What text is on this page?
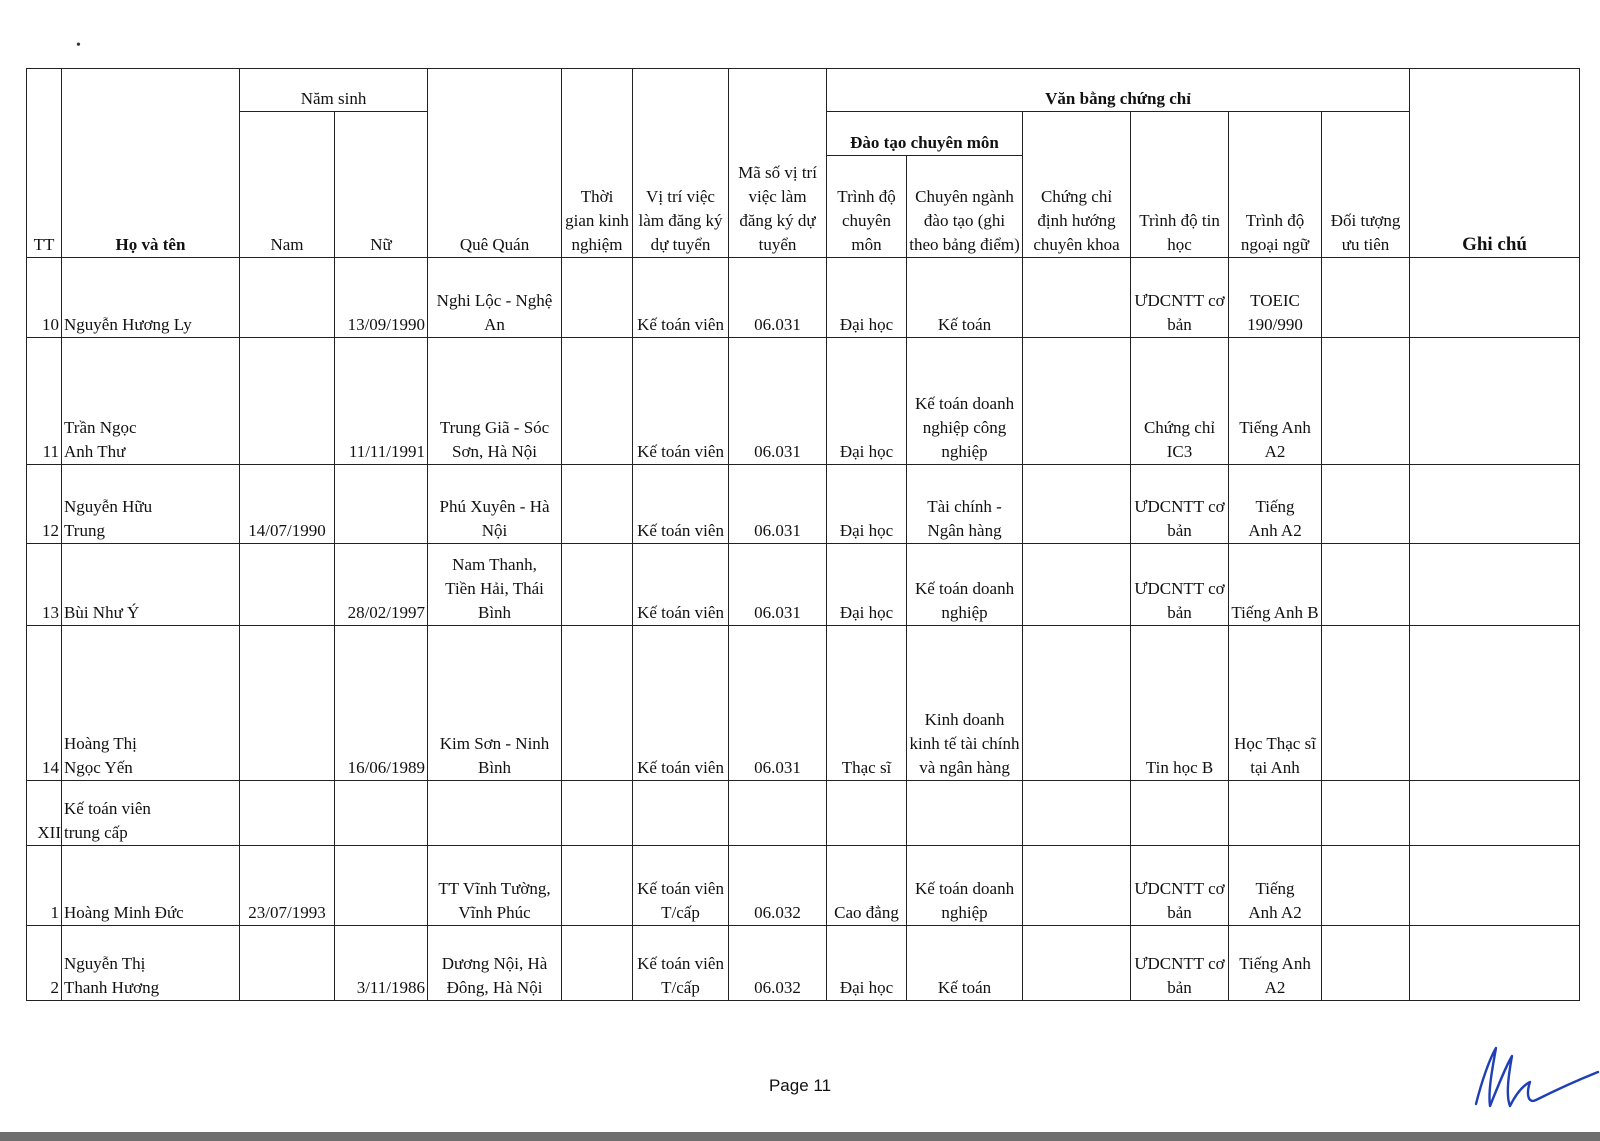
•
TT	Họ và tên	Năm sinh		Quê Quán	Thời gian kinh nghiệm	Vị trí việc làm đăng ký dự tuyển	Mã số vị trí việc làm đăng ký dự tuyển	Văn bằng chứng chỉ						Ghi chú
		Nam	Nữ					Đào tạo chuyên môn		Chứng chỉ định hướng chuyên khoa	Trình độ tin học	Trình độ ngoại ngữ	Đối tượng ưu tiên	
								Trình độ chuyên môn	Chuyên ngành đào tạo (ghi theo bảng điểm)					
10	Nguyễn Hương Ly		13/09/1990	Nghi Lộc - Nghệ An		Kế toán viên	06.031	Đại học	Kế toán		ƯDCNTT cơ bản	TOEIC 190/990		
11	Trần Ngọc Anh Thư		11/11/1991	Trung Giã - Sóc Sơn, Hà Nội		Kế toán viên	06.031	Đại học	Kế toán doanh nghiệp công nghiệp		Chứng chỉ IC3	Tiếng Anh A2		
12	Nguyễn Hữu Trung	14/07/1990		Phú Xuyên - Hà Nội		Kế toán viên	06.031	Đại học	Tài chính - Ngân hàng		ƯDCNTT cơ bản	Tiếng Anh A2		
13	Bùi Như Ý		28/02/1997	Nam Thanh, Tiền Hải, Thái Bình		Kế toán viên	06.031	Đại học	Kế toán doanh nghiệp		ƯDCNTT cơ bản	Tiếng Anh B		
14	Hoàng Thị Ngọc Yến		16/06/1989	Kim Sơn - Ninh Bình		Kế toán viên	06.031	Thạc sĩ	Kinh doanh kinh tế tài chính và ngân hàng		Tin học B	Học Thạc sĩ tại Anh		
XII	Kế toán viên trung cấp													
1	Hoàng Minh Đức	23/07/1993		TT Vĩnh Tường, Vĩnh Phúc		Kế toán viên T/cấp	06.032	Cao đẳng	Kế toán doanh nghiệp		ƯDCNTT cơ bản	Tiếng Anh A2		
2	Nguyễn Thị Thanh Hương		3/11/1986	Dương Nội, Hà Đông, Hà Nội		Kế toán viên T/cấp	06.032	Đại học	Kế toán		ƯDCNTT cơ bản	Tiếng Anh A2		
Page 11
